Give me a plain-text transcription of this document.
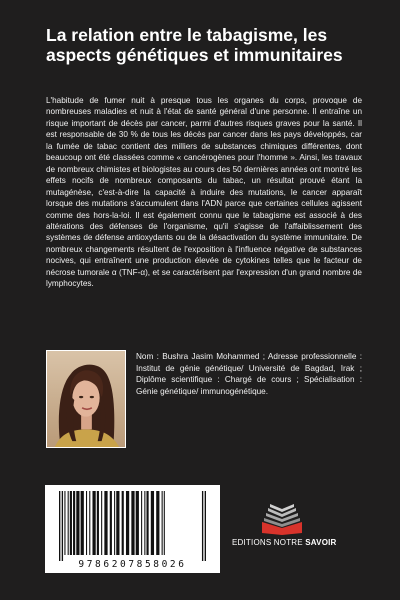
La relation entre le tabagisme, les aspects génétiques et immunitaires

L'habitude de fumer nuit à presque tous les organes du corps, provoque de nombreuses maladies et nuit à l'état de santé général d'une personne. Il entraîne un risque important de décès par cancer, parmi d'autres risques graves pour la santé. Il est responsable de 30 % de tous les décès par cancer dans les pays développés, car la fumée de tabac contient des milliers de substances chimiques différentes, dont beaucoup ont été classées comme « cancérogènes pour l'homme ». Ainsi, les travaux de nombreux chimistes et biologistes au cours des 50 dernières années ont montré les effets nocifs de nombreux composants du tabac, un résultat prouvé étant la mutagénèse, c'est-à-dire la capacité à induire des mutations, le cancer apparaît lorsque des mutations s'accumulent dans l'ADN parce que certaines cellules agissent comme des hors-la-loi. Il est également connu que le tabagisme est associé à des altérations des défenses de l'organisme, qu'il s'agisse de l'affaiblissement des systèmes de défense antioxydants ou de la désactivation du système immunitaire. De nombreux changements résultent de l'exposition à l'influence négative de substances nocives, qui entraînent une production élevée de cytokines telles que le facteur de nécrose tumorale α (TNF-α), et se caractérisent par l'expression d'un grand nombre de lymphocytes.

Nom : Bushra Jasim Mohammed ; Adresse professionnelle : Institut de génie génétique/ Université de Bagdad, Irak ; Diplôme scientifique : Chargé de cours ; Spécialisation : Génie génétique/ immunogénétique.

9786207858026
EDITIONS NOTRE SAVOIR
